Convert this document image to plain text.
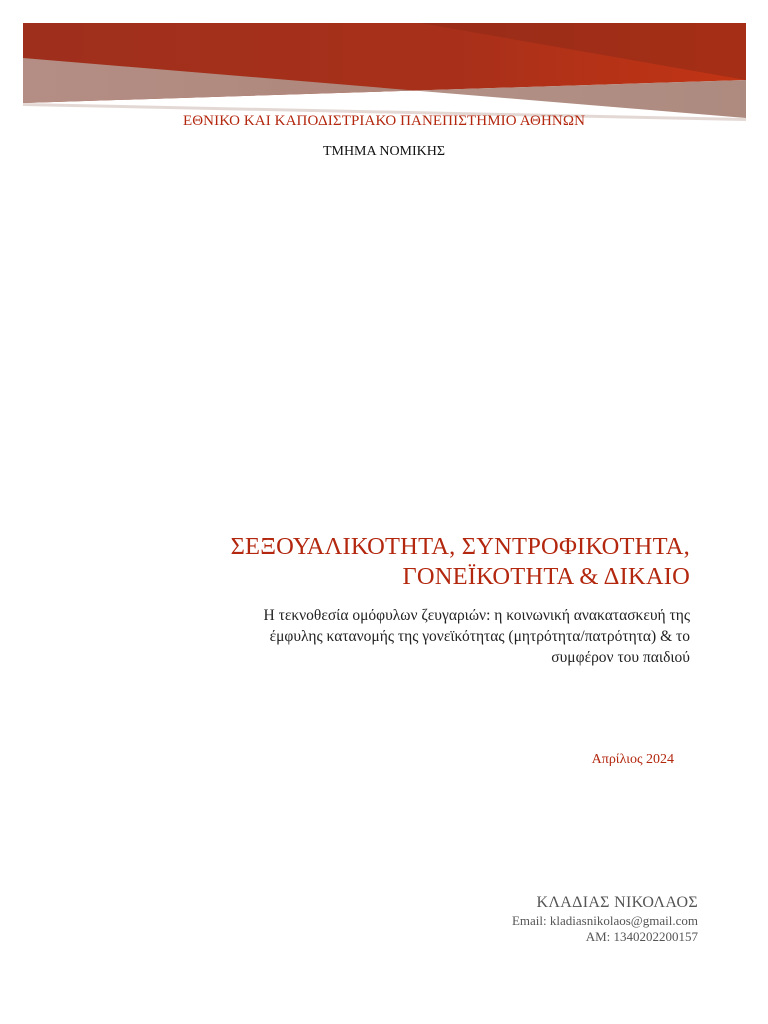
ΕΘΝΙΚΟ ΚΑΙ ΚΑΠΟΔΙΣΤΡΙΑΚΟ ΠΑΝΕΠΙΣΤΗΜΙΟ ΑΘΗΝΩΝ
ΤΜΗΜΑ ΝΟΜΙΚΗΣ
ΣΕΞΟΥΑΛΙΚΟΤΗΤΑ, ΣΥΝΤΡΟΦΙΚΟΤΗΤΑ,
ΓΟΝΕΪΚΟΤΗΤΑ & ΔΙΚΑΙΟ
Η τεκνοθεσία ομόφυλων ζευγαριών: η κοινωνική ανακατασκευή της
έμφυλης κατανομής της γονεϊκότητας (μητρότητα/πατρότητα) & το
συμφέρον του παιδιού
Απρίλιος 2024
ΚΛΑΔΙΑΣ ΝΙΚΟΛΑΟΣ
Email: kladiasnikolaos@gmail.com
AM: 1340202200157
